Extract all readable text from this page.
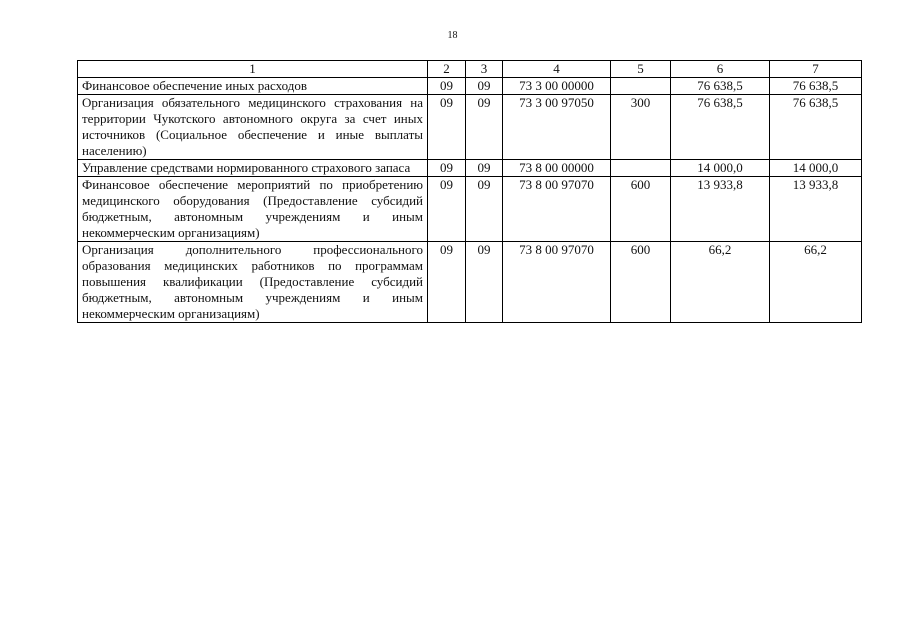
18
1	2	3	4	5	6	7
Финансовое обеспечение иных расходов	09	09	73 3 00 00000		76 638,5	76 638,5
Организация обязательного медицинского страхования на территории Чукотского автономного округа за счет иных источников (Социальное обеспечение и иные выплаты населению)	09	09	73 3 00 97050	300	76 638,5	76 638,5
Управление средствами нормированного страхового запаса	09	09	73 8 00 00000		14 000,0	14 000,0
Финансовое обеспечение мероприятий по приобретению медицинского оборудования (Предоставление субсидий бюджетным, автономным учреждениям и иным некоммерческим организациям)	09	09	73 8 00 97070	600	13 933,8	13 933,8
Организация дополнительного профессионального образования медицинских работников по программам повышения квалификации (Предоставление субсидий бюджетным, автономным учреждениям и иным некоммерческим организациям)	09	09	73 8 00 97070	600	66,2	66,2
